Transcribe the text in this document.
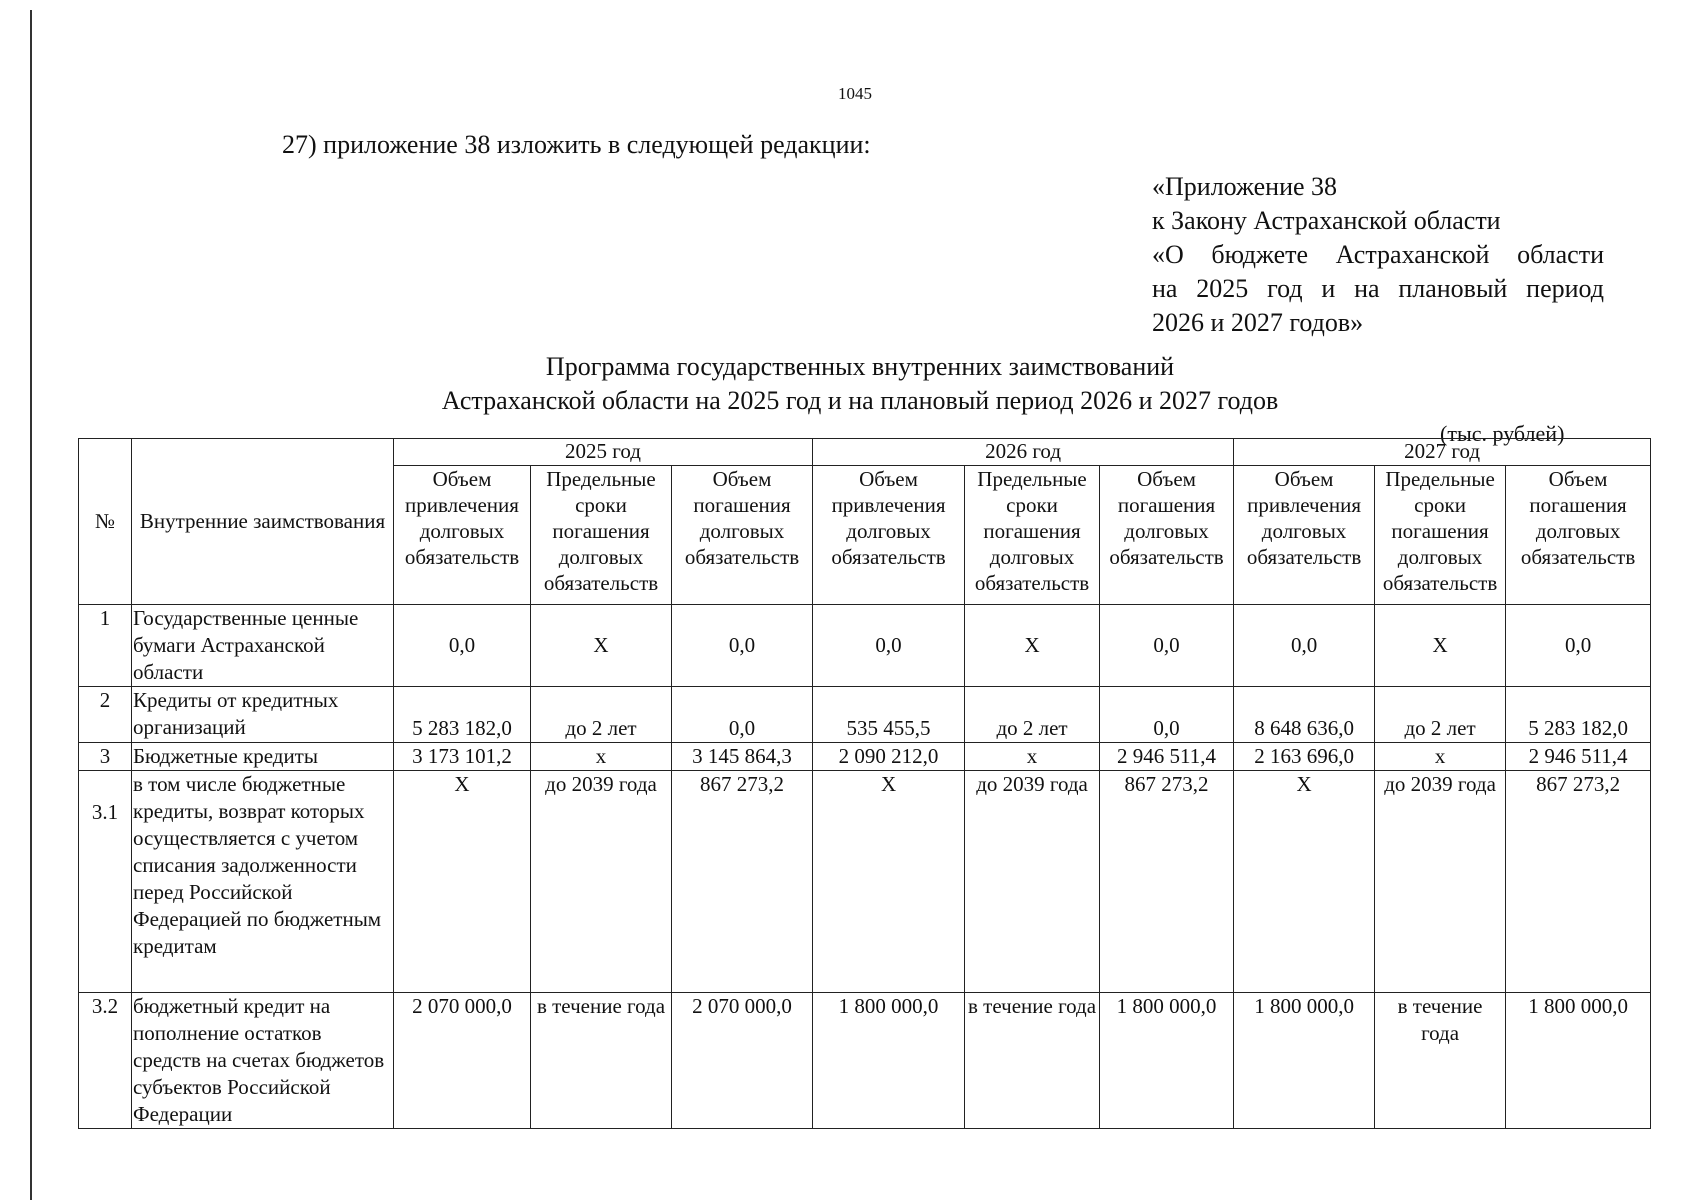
1045
27) приложение 38 изложить в следующей редакции:
«Приложение 38
к Закону Астраханской области
«О бюджете Астраханской области
на 2025 год и на плановый период
2026 и 2027 годов»
Программа государственных внутренних заимствований
Астраханской области на 2025 год и на плановый период 2026 и 2027 годов
(тыс. рублей)
№	Внутренние заимствования	2025 год			2026 год			2027 год		
		Объем привлечения долговых обязательств	Предельные сроки погашения долговых обязательств	Объем погашения долговых обязательств	Объем привлечения долговых обязательств	Предельные сроки погашения долговых обязательств	Объем погашения долговых обязательств	Объем привлечения долговых обязательств	Предельные сроки погашения долговых обязательств	Объем погашения долговых обязательств
1	Государственные ценные бумаги Астраханской области	0,0	X	0,0	0,0	X	0,0	0,0	X	0,0
2	Кредиты от кредитных организаций	5 283 182,0	до 2 лет	0,0	535 455,5	до 2 лет	0,0	8 648 636,0	до 2 лет	5 283 182,0
3	Бюджетные кредиты	3 173 101,2	x	3 145 864,3	2 090 212,0	x	2 946 511,4	2 163 696,0	x	2 946 511,4
3.1	в том числе бюджетные кредиты, возврат которых осуществляется с учетом списания задолженности перед Российской Федерацией по бюджетным кредитам	X	до 2039 года	867 273,2	X	до 2039 года	867 273,2	X	до 2039 года	867 273,2
3.2	бюджетный кредит на пополнение остатков средств на счетах бюджетов субъектов Российской Федерации	2 070 000,0	в течение года	2 070 000,0	1 800 000,0	в течение года	1 800 000,0	1 800 000,0	в течение года	1 800 000,0
